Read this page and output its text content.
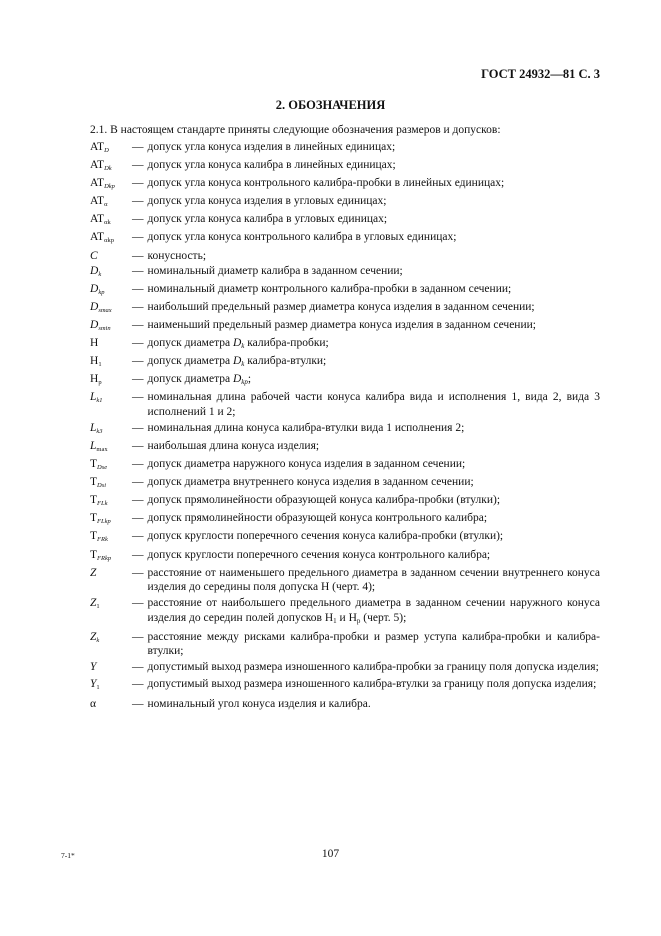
ГОСТ 24932—81 С. 3
2. ОБОЗНАЧЕНИЯ
2.1. В настоящем стандарте приняты следующие обозначения размеров и допусков:
$AT_D$	— допуск угла конуса изделия в линейных единицах;
$AT_{Dk}$	— допуск угла конуса калибра в линейных единицах;
$AT_{Dkp}$	— допуск угла конуса контрольного калибра-пробки в линейных единицах;
$AT_\alpha$	— допуск угла конуса изделия в угловых единицах;
$AT_{\alpha k}$	— допуск угла конуса калибра в угловых единицах;
$AT_{\alpha kp}$	— допуск угла конуса контрольного калибра в угловых единицах;
C	— конусность;
$D_k$	— номинальный диаметр калибра в заданном сечении;
$D_{kp}$	— номинальный диаметр контрольного калибра-пробки в заданном сечении;
$D_{smax}$	— наибольший предельный размер диаметра конуса изделия в заданном сечении;
$D_{smin}$	— наименьший предельный размер диаметра конуса изделия в заданном сечении;
H	— допуск диаметра $D_k$ калибра-пробки;
$H_1$	— допуск диаметра $D_k$ калибра-втулки;
$H_p$	— допуск диаметра $D_{kp}$;
$L_{k1}$	— номинальная длина рабочей части конуса калибра вида и исполнения 1, вида 2, вида 3 исполнений 1 и 2;
$L_{k3}$	— номинальная длина конуса калибра-втулки вида 1 исполнения 2;
$L_{max}$	— наибольшая длина конуса изделия;
$T_{Dse}$	— допуск диаметра наружного конуса изделия в заданном сечении;
$T_{Dsi}$	— допуск диаметра внутреннего конуса изделия в заданном сечении;
$T_{FLk}$	— допуск прямолинейности образующей конуса калибра-пробки (втулки);
$T_{FLkp}$	— допуск прямолинейности образующей конуса контрольного калибра;
$T_{FRk}$	— допуск круглости поперечного сечения конуса калибра-пробки (втулки);
$T_{FRkp}$	— допуск круглости поперечного сечения конуса контрольного калибра;
Z	— расстояние от наименьшего предельного диаметра в заданном сечении внутреннего конуса изделия до середины поля допуска H (черт. 4);
$Z_1$	— расстояние от наибольшего предельного диаметра в заданном сечении наружного конуса изделия до середин полей допусков $H_1$ и $H_p$ (черт. 5);
$Z_k$	— расстояние между рисками калибра-пробки и размер уступа калибра-пробки и калибра-втулки;
Y	— допустимый выход размера изношенного калибра-пробки за границу поля допуска изделия;
$Y_1$	— допустимый выход размера изношенного калибра-втулки за границу поля допуска изделия;
α	— номинальный угол конуса изделия и калибра.
7-1*	107
